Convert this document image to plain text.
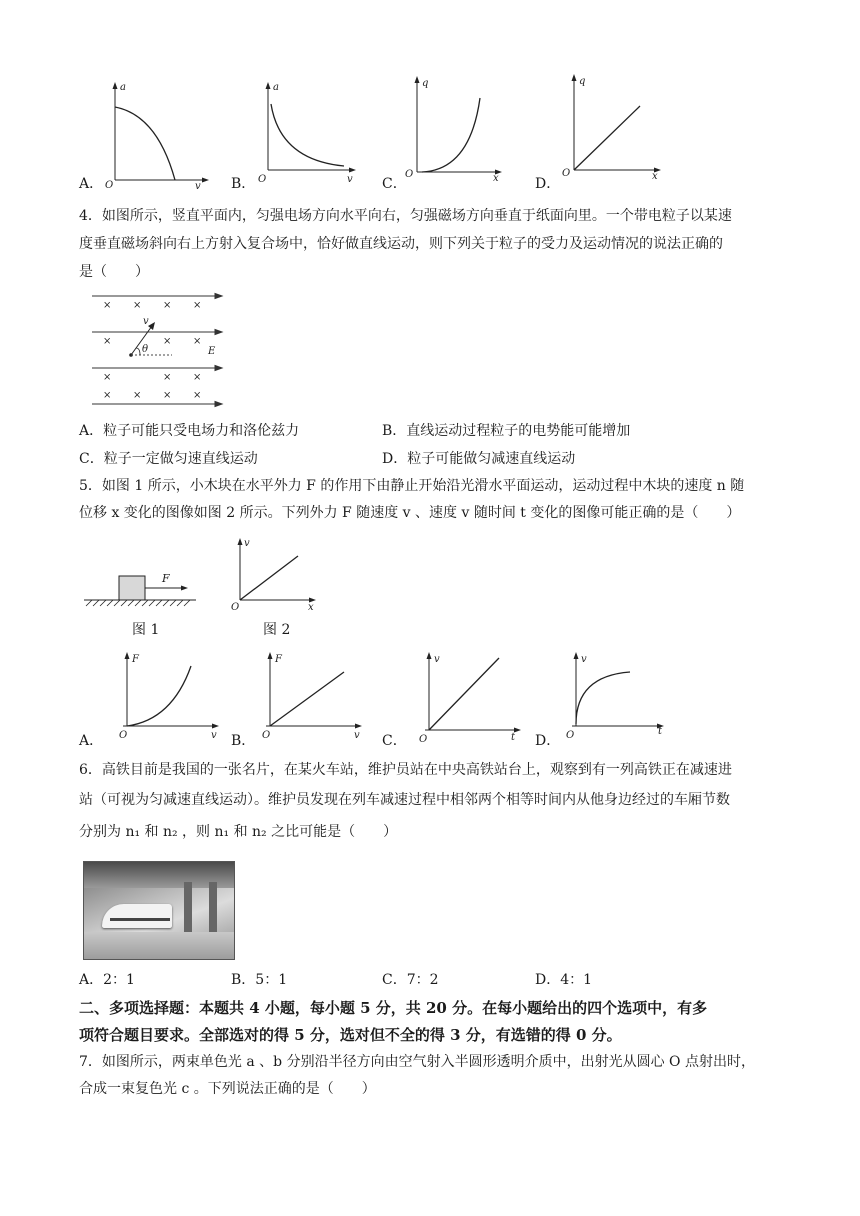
a
O	v
A．
a
O	v
B．
q
O	x
C．
q
O	x
D．
4．如图所示，竖直平面内，匀强电场方向水平向右，匀强磁场方向垂直于纸面向里。一个带电粒子以某速
度垂直磁场斜向右上方射入复合场中，恰好做直线运动，则下列关于粒子的受力及运动情况的说法正确的
是（　　）
× × × ×
×	× ×
×	× ×
× × × ×
v
θ	E
A．粒子可能只受电场力和洛伦兹力	B．直线运动过程粒子的电势能可能增加
C．粒子一定做匀速直线运动	D．粒子可能做匀减速直线运动
5．如图 1 所示，小木块在水平外力 F 的作用下由静止开始沿光滑水平面运动，运动过程中木块的速度 n 随
位移 x 变化的图像如图 2 所示。下列外力 F 随速度 v 、速度 v 随时间 t 变化的图像可能正确的是（　　）
F
图 1
v
O	x
图 2
F
O	v
A．
F
O	v
B．
v
O	t
C．
v
O	t
D．
6．高铁目前是我国的一张名片，在某火车站，维护员站在中央高铁站台上，观察到有一列高铁正在减速进
站（可视为匀减速直线运动）。维护员发现在列车减速过程中相邻两个相等时间内从他身边经过的车厢节数
分别为 n₁ 和 n₂ ，则 n₁ 和 n₂ 之比可能是（　　）
A．2：1	B．5：1	C．7：2	D．4：1
二、多项选择题：本题共 4 小题，每小题 5 分，共 20 分。在每小题给出的四个选项中，有多
项符合题目要求。全部选对的得 5 分，选对但不全的得 3 分，有选错的得 0 分。
7．如图所示，两束单色光 a 、b 分别沿半径方向由空气射入半圆形透明介质中，出射光从圆心 O 点射出时，
合成一束复色光 c 。下列说法正确的是（　　）
